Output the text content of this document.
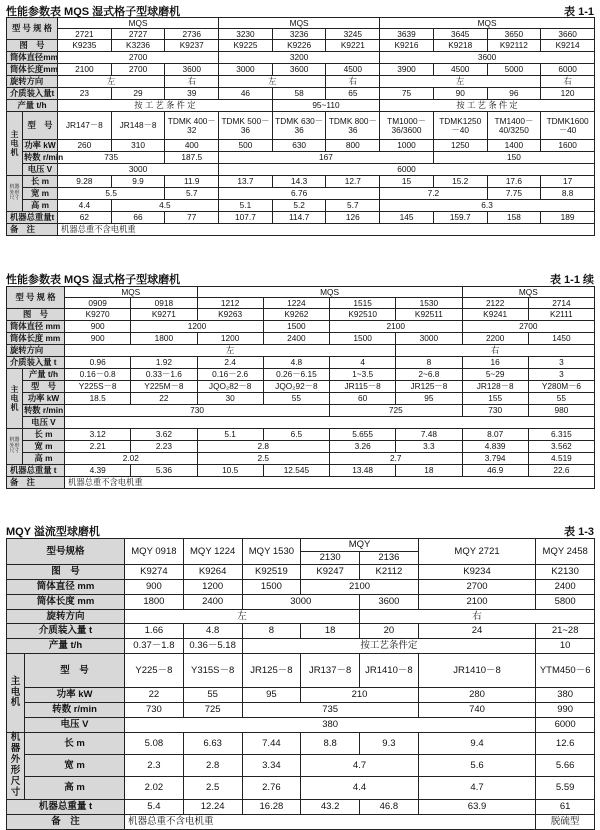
性能参数表 MQS 湿式格子型球磨机	表 1-1
型 号 规 格		MQS			MQS			MQS			
		2721	2727	2736	3230	3236	3245	3639	3645	3650	3660
图　号		K9235	K3236	K9237	K9225	K9226	K9221	K9216	K9218	K92112	K9214
筒体直径mm		2700			3200			3600			
筒体长度mm		2100	2700	3600	3000	3600	4500	3900	4500	5000	6000
旋转方向		左		右	左		右	左			右
介质装入量t		23	29	39	46	58	65	75	90	96	120
产量 t/h		按 工 艺 条 件 定				95~110		按 工 艺 条 件 定			
主电机	型　号	JR147－8	JR148－8	TDMK 400－32	TDMK 500－36	TDMK 630－36	TDMK 800－36	TM1000－36/3600	TDMK1250 －40	TM1400－ 40/3250	TDMK1600 －40
	功率 kW	260	310	400	500	630	800	1000	1250	1400	1600
	转数 r/min	735		187.5	167				150		
	电压 V	3000			6000						
机器外形尺寸	长 m	9.28	9.9	11.9	13.7	14.3	12.7	15	15.2	17.6	17
	宽 m	5.5		5.7	6.76			7.2		7.75	8.8
	高 m	4.4	4.5		5.1	5.2	5.7	6.3			
机器总重量t		62	66	77	107.7	114.7	126	145	159.7	158	189
备　注		机器总重不含电机重									
性能参数表 MQS 湿式格子型球磨机	表 1-1 续
型 号 规 格		MQS		MQS				MQS	
		0909	0918	1212	1224	1515	1530	2122	2714
图　号		K9270	K9271	K9263	K9262	K92510	K92511	K9241	K2111
筒体直径 mm		900	1200		1500	2100		2700	
筒体长度 mm		900	1800	1200	2400	1500	3000	2200	1450
旋转方向		左					右		
介质装入量 t		0.96	1.92	2.4	4.8	4	8	16	3
主电机	产量 t/h	0.16－0.8	0.33－1.6	0.16－2.6	0.26－6.15	1~3.5	2~6.8	5~29	3
	型　号	Y225S－8	Y225M－8	JQO₂82－8	JQO₂92－8	JR115－8	JR125－8	JR128－8	Y280M－6
	功率 kW	18.5	22	30	55	60	95	155	55
	转数 r/min	730				725		730	980
	电压 V								
机器外形尺寸	长 m	3.12	3.62	5.1	6.5	5.655	7.48	8.07	6.315
	宽 m	2.21	2.23	2.8		3.26	3.3	4.839	3.562
	高 m	2.02		2.5		2.7		3.794	4.519
机器总重量 t		4.39	5.36	10.5	12.545	13.48	18	46.9	22.6
备　注		机器总重不含电机重							
MQY 溢流型球磨机	表 1-3
型号规格		MQY 0918	MQY 1224	MQY 1530	MQY		MQY 2721	MQY 2458
					2130	2136		
图　号		K9274	K9264	K92519	K9247	K2112	K9234	K2130
筒体直径 mm		900	1200	1500	2100		2700	2400
筒体长度 mm		1800	2400	3000		3600	2100	5800
旋转方向		左				右		
介质装入量 t		1.66	4.8	8	18	20	24	21~28
产量 t/h		0.37－1.8	0.36－5.18	按工艺条件定				10
主电机	型　号	Y225－8	Y315S－8	JR125－8	JR137－8	JR1410－8	JR1410－8	YTM450－6
	功率 kW	22	55	95	210		280	380
	转数 r/min	730	725	735			740	990
	电压 V	380						6000
机器外形尺寸	长 m	5.08	6.63	7.44	8.8	9.3	9.4	12.6
	宽 m	2.3	2.8	3.34	4.7		5.6	5.66
	高 m	2.02	2.5	2.76	4.4		4.7	5.59
机器总重量 t		5.4	12.24	16.28	43.2	46.8	63.9	61
备　注		机器总重不含电机重						脱硫型
